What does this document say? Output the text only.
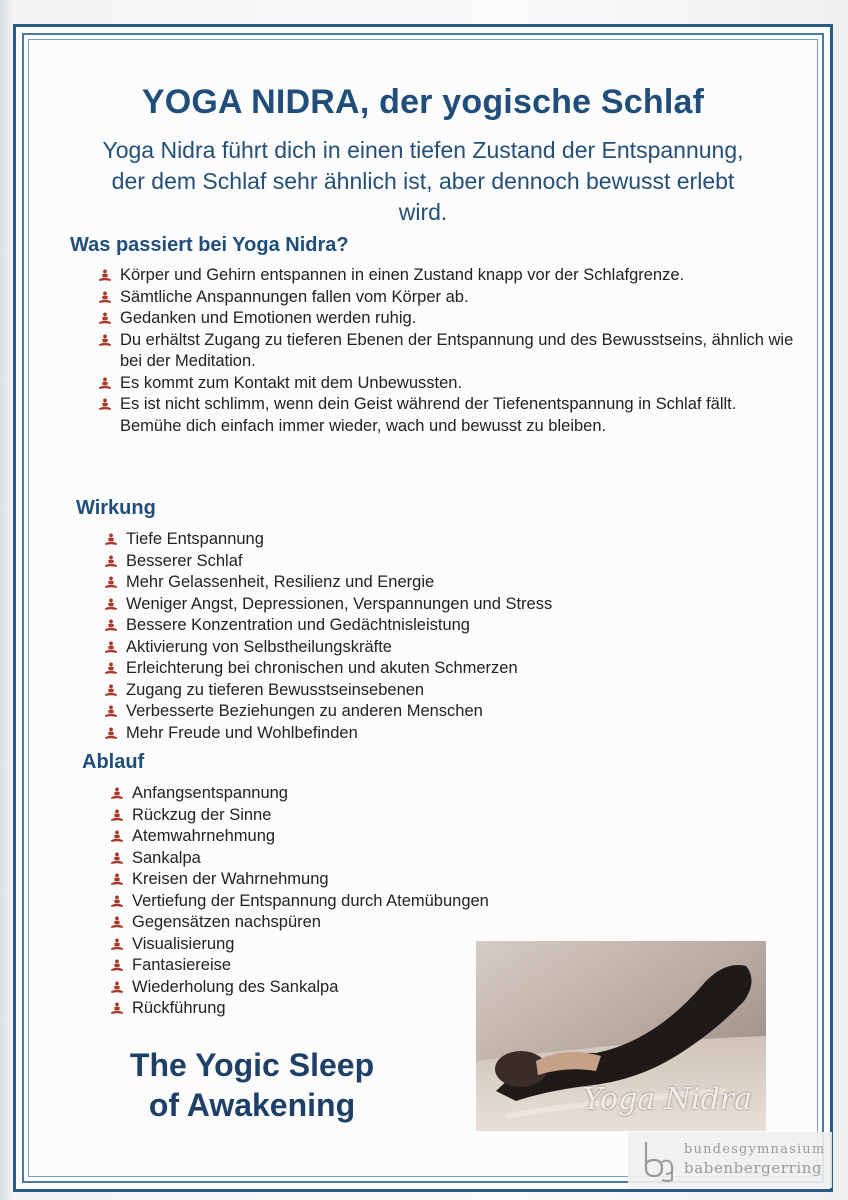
YOGA NIDRA, der yogische Schlaf

Yoga Nidra führt dich in einen tiefen Zustand der Entspannung, der dem Schlaf sehr ähnlich ist, aber dennoch bewusst erlebt wird.

Was passiert bei Yoga Nidra?
Körper und Gehirn entspannen in einen Zustand knapp vor der Schlafgrenze.
Sämtliche Anspannungen fallen vom Körper ab.
Gedanken und Emotionen werden ruhig.
Du erhältst Zugang zu tieferen Ebenen der Entspannung und des Bewusstseins, ähnlich wie bei der Meditation.
Es kommt zum Kontakt mit dem Unbewussten.
Es ist nicht schlimm, wenn dein Geist während der Tiefenentspannung in Schlaf fällt. Bemühe dich einfach immer wieder, wach und bewusst zu bleiben.
Wirkung
Tiefe Entspannung
Besserer Schlaf
Mehr Gelassenheit, Resilienz und Energie
Weniger Angst, Depressionen, Verspannungen und Stress
Bessere Konzentration und Gedächtnisleistung
Aktivierung von Selbstheilungskräfte
Erleichterung bei chronischen und akuten Schmerzen
Zugang zu tieferen Bewusstseinsebenen
Verbesserte Beziehungen zu anderen Menschen
Mehr Freude und Wohlbefinden
Ablauf
Anfangsentspannung
Rückzug der Sinne
Atemwahrnehmung
Sankalpa
Kreisen der Wahrnehmung
Vertiefung der Entspannung durch Atemübungen
Gegensätzen nachspüren
Visualisierung
Fantasiereise
Wiederholung des Sankalpa
Rückführung
The Yogic Sleep
of Awakening	Yoga Nidra
bundesgymnasium
babenbergerring
